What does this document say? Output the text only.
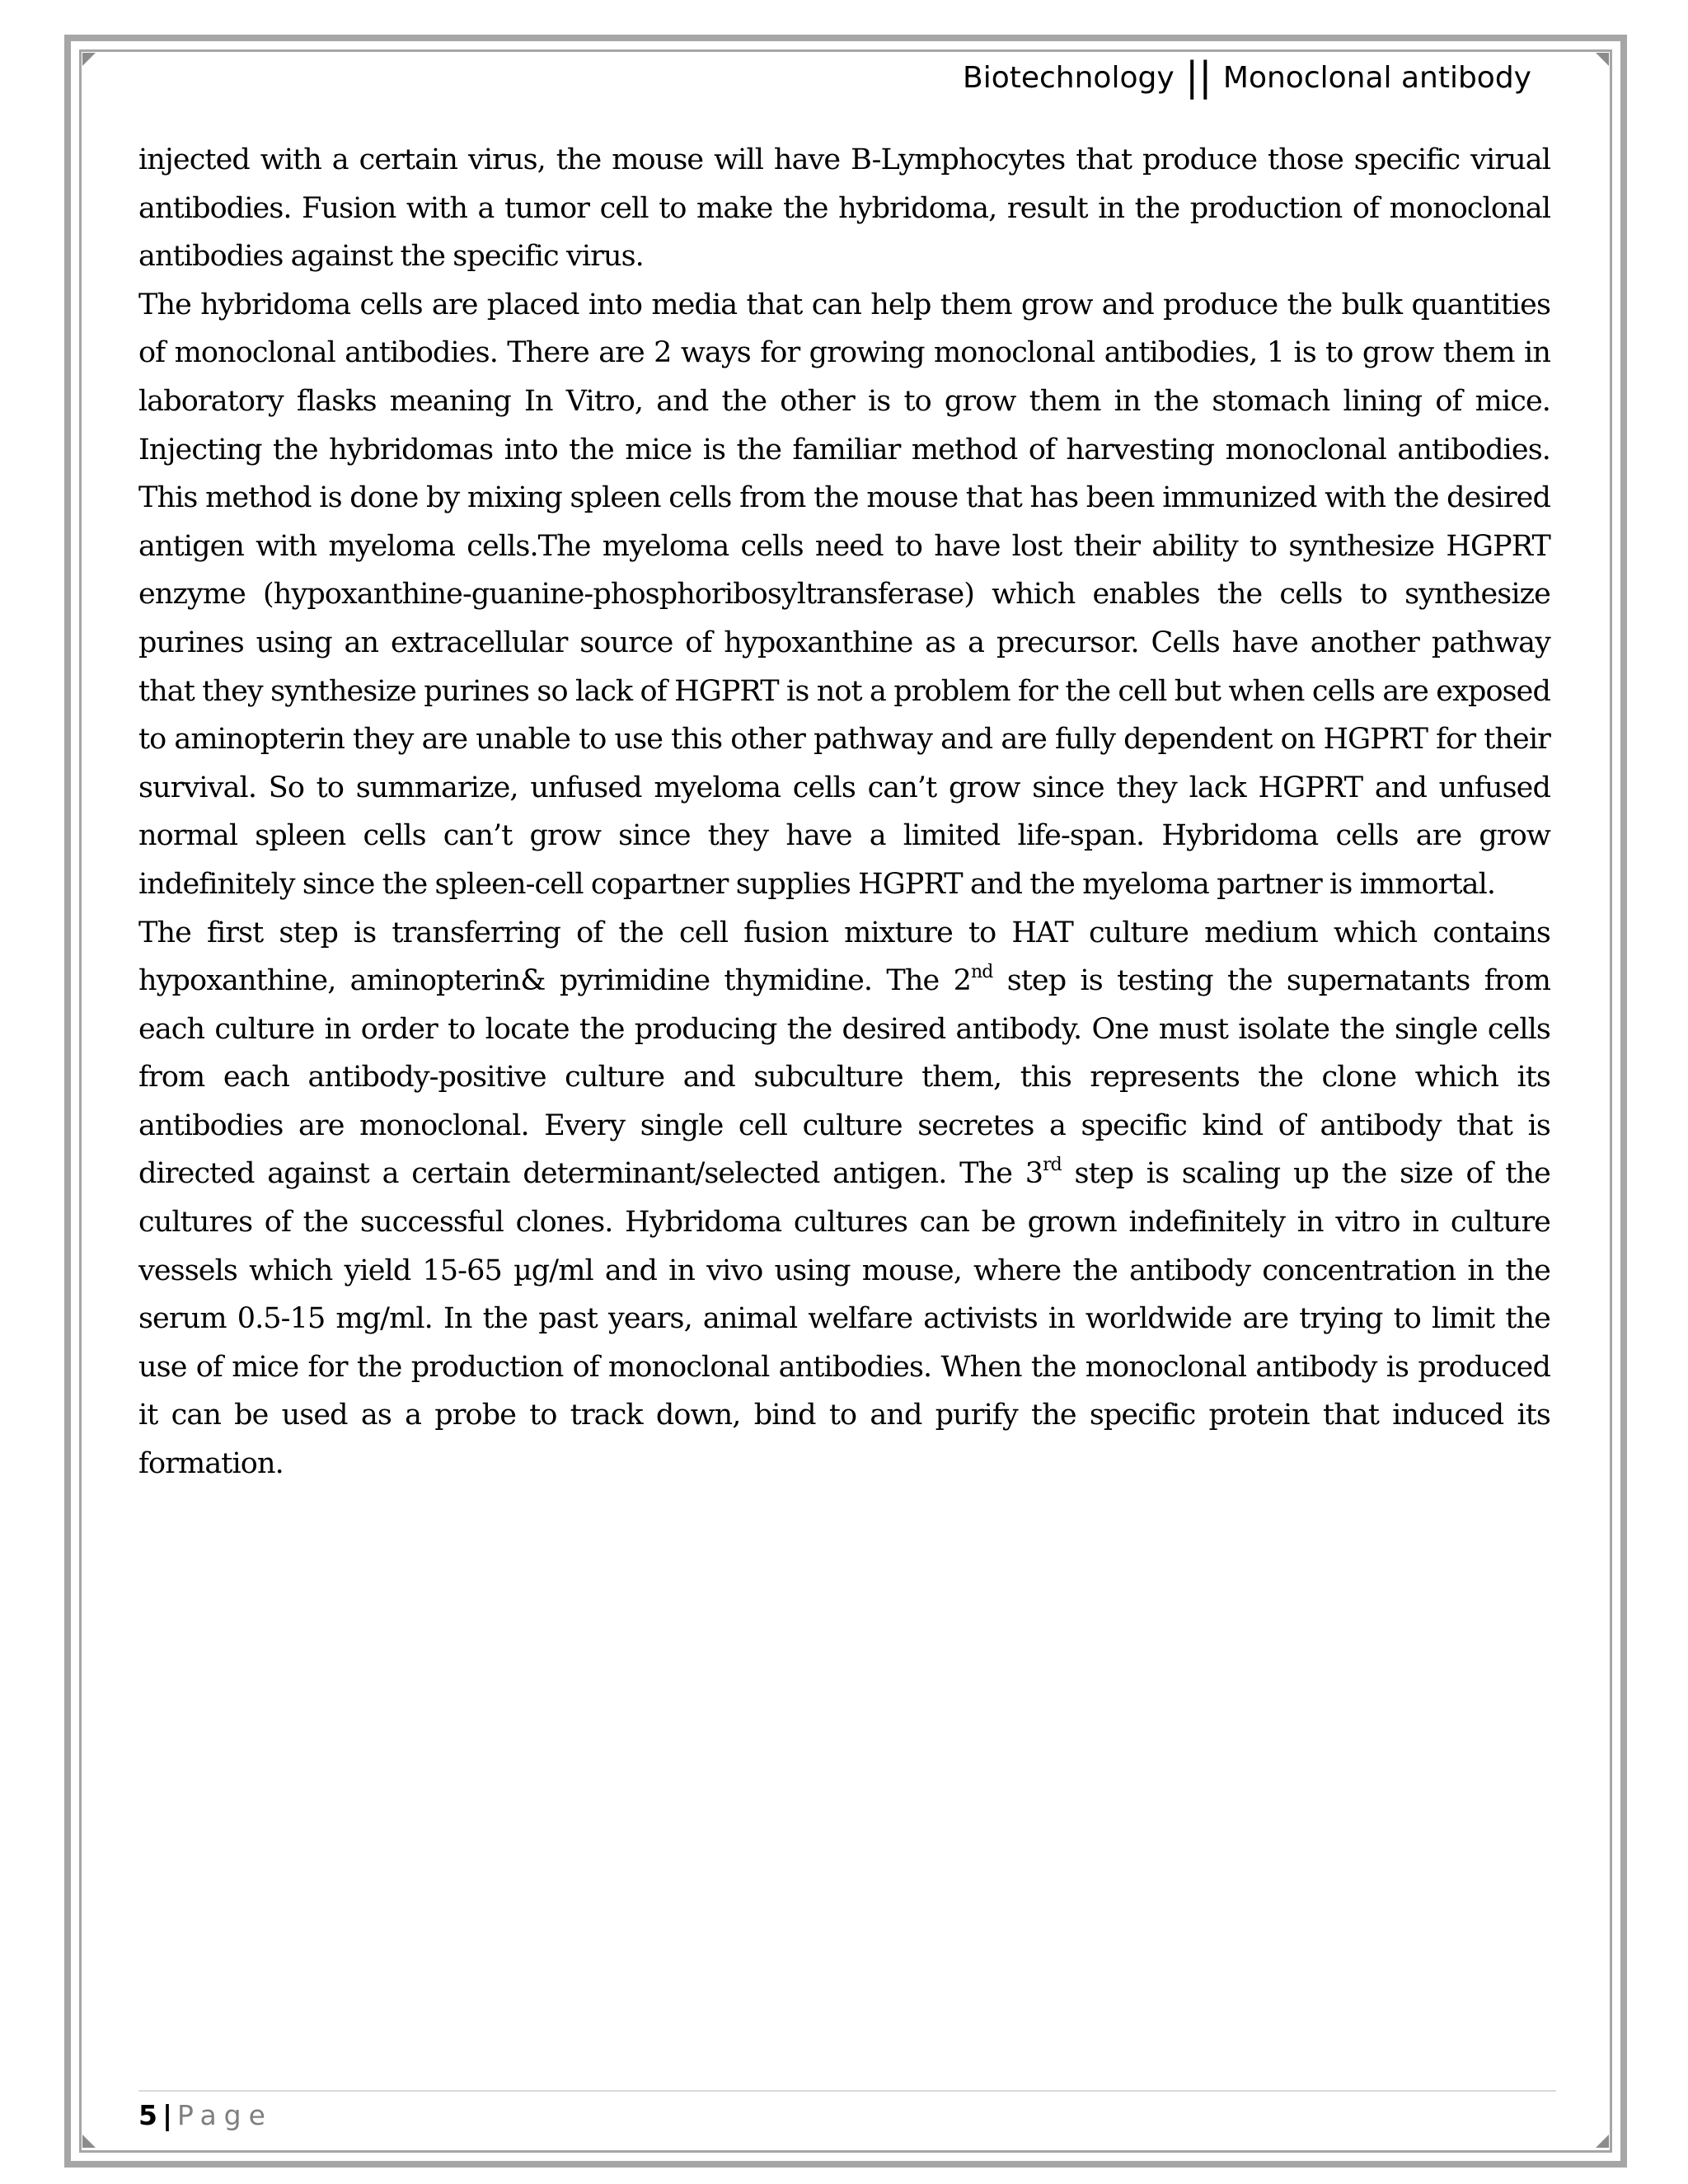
Biotechnology || Monoclonal antibody

injected with a certain virus, the mouse will have B-Lymphocytes that produce those specific virual antibodies. Fusion with a tumor cell to make the hybridoma, result in the production of monoclonal antibodies against the specific virus.

The hybridoma cells are placed into media that can help them grow and produce the bulk quantities of monoclonal antibodies. There are 2 ways for growing monoclonal antibodies, 1 is to grow them in laboratory flasks meaning In Vitro, and the other is to grow them in the stomach lining of mice. Injecting the hybridomas into the mice is the familiar method of harvesting monoclonal antibodies. This method is done by mixing spleen cells from the mouse that has been immunized with the desired antigen with myeloma cells.The myeloma cells need to have lost their ability to synthesize HGPRT enzyme (hypoxanthine-guanine-phosphoribosyltransferase) which enables the cells to synthesize purines using an extracellular source of hypoxanthine as a precursor. Cells have another pathway that they synthesize purines so lack of HGPRT is not a problem for the cell but when cells are exposed to aminopterin they are unable to use this other pathway and are fully dependent on HGPRT for their survival. So to summarize, unfused myeloma cells can’t grow since they lack HGPRT and unfused normal spleen cells can’t grow since they have a limited life-span. Hybridoma cells are grow indefinitely since the spleen-cell copartner supplies HGPRT and the myeloma partner is immortal.

The first step is transferring of the cell fusion mixture to HAT culture medium which contains hypoxanthine, aminopterin& pyrimidine thymidine. The 2nd step is testing the supernatants from each culture in order to locate the producing the desired antibody. One must isolate the single cells from each antibody-positive culture and subculture them, this represents the clone which its antibodies are monoclonal. Every single cell culture secretes a specific kind of antibody that is directed against a certain determinant/selected antigen. The 3rd step is scaling up the size of the cultures of the successful clones. Hybridoma cultures can be grown indefinitely in vitro in culture vessels which yield 15-65 µg/ml and in vivo using mouse, where the antibody concentration in the serum 0.5-15 mg/ml. In the past years, animal welfare activists in worldwide are trying to limit the use of mice for the production of monoclonal antibodies. When the monoclonal antibody is produced it can be used as a probe to track down, bind to and purify the specific protein that induced its formation.

5 | Page
